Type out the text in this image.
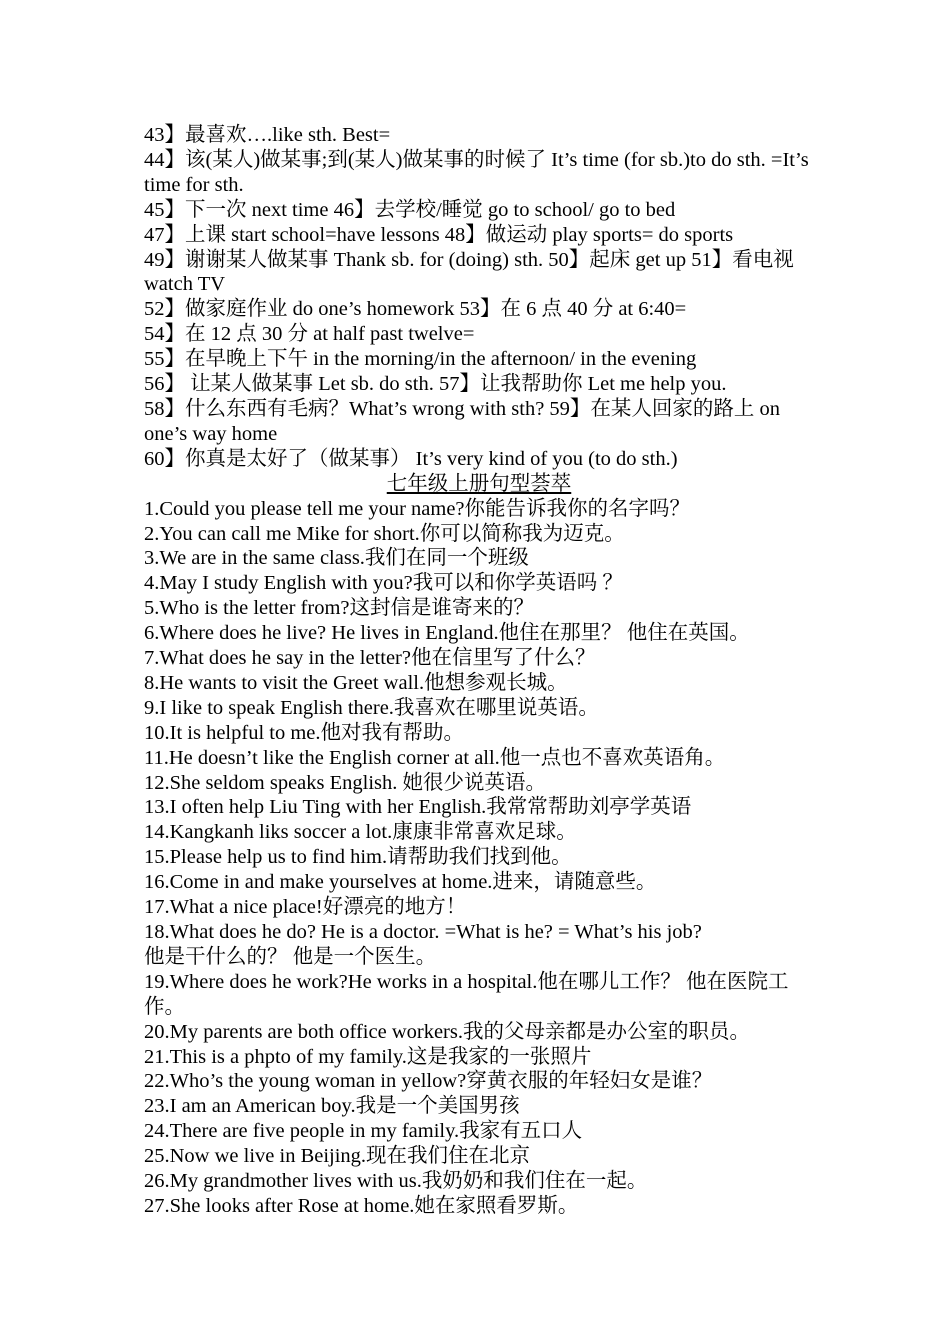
43】最喜欢….like sth. Best=
44】该(某人)做某事;到(某人)做某事的时候了 It’s time (for sb.)to do sth. =It’s time for sth.
45】下一次 next time 46】去学校/睡觉 go to school/ go to bed
47】上课 start school=have lessons 48】做运动 play sports= do sports
49】谢谢某人做某事 Thank sb. for (doing) sth. 50】起床 get up 51】看电视 watch TV
52】做家庭作业 do one’s homework 53】在 6 点 40 分 at 6:40=
54】在 12 点 30 分 at half past twelve=
55】在早晚上下午 in the morning/in the afternoon/ in the evening
56】 让某人做某事 Let sb. do sth. 57】让我帮助你 Let me help you.
58】什么东西有毛病？What’s wrong with sth? 59】在某人回家的路上 on one’s way home
60】你真是太好了（做某事） It’s very kind of you (to do sth.)
七年级上册句型荟萃
1.Could you please tell me your name?你能告诉我你的名字吗？
2.You can call me Mike for short.你可以简称我为迈克。
3.We are in the same class.我们在同一个班级
4.May I study English with you?我可以和你学英语吗 ？
5.Who is the letter from?这封信是谁寄来的？
6.Where does he live? He lives in England.他住在那里？ 他住在英国。
7.What does he say in the letter?他在信里写了什么？
8.He wants to visit the Greet wall.他想参观长城。
9.I like to speak English there.我喜欢在哪里说英语。
10.It is helpful to me.他对我有帮助。
11.He doesn’t like the English corner at all.他一点也不喜欢英语角。
12.She seldom speaks English. 她很少说英语。
13.I often help Liu Ting with her English.我常常帮助刘亭学英语
14.Kangkanh liks soccer a lot.康康非常喜欢足球。
15.Please help us to find him.请帮助我们找到他。
16.Come in and make yourselves at home.进来，请随意些。
17.What a nice place!好漂亮的地方！
18.What does he do? He is a doctor. =What is he? = What’s his job?
他是干什么的？ 他是一个医生。
19.Where does he work?He works in a hospital.他在哪儿工作？ 他在医院工作。
20.My parents are both office workers.我的父母亲都是办公室的职员。
21.This is a phpto of my family.这是我家的一张照片
22.Who’s the young woman in yellow?穿黄衣服的年轻妇女是谁？
23.I am an American boy.我是一个美国男孩
24.There are five people in my family.我家有五口人
25.Now we live in Beijing.现在我们住在北京
26.My grandmother lives with us.我奶奶和我们住在一起。
27.She looks after Rose at home.她在家照看罗斯。
